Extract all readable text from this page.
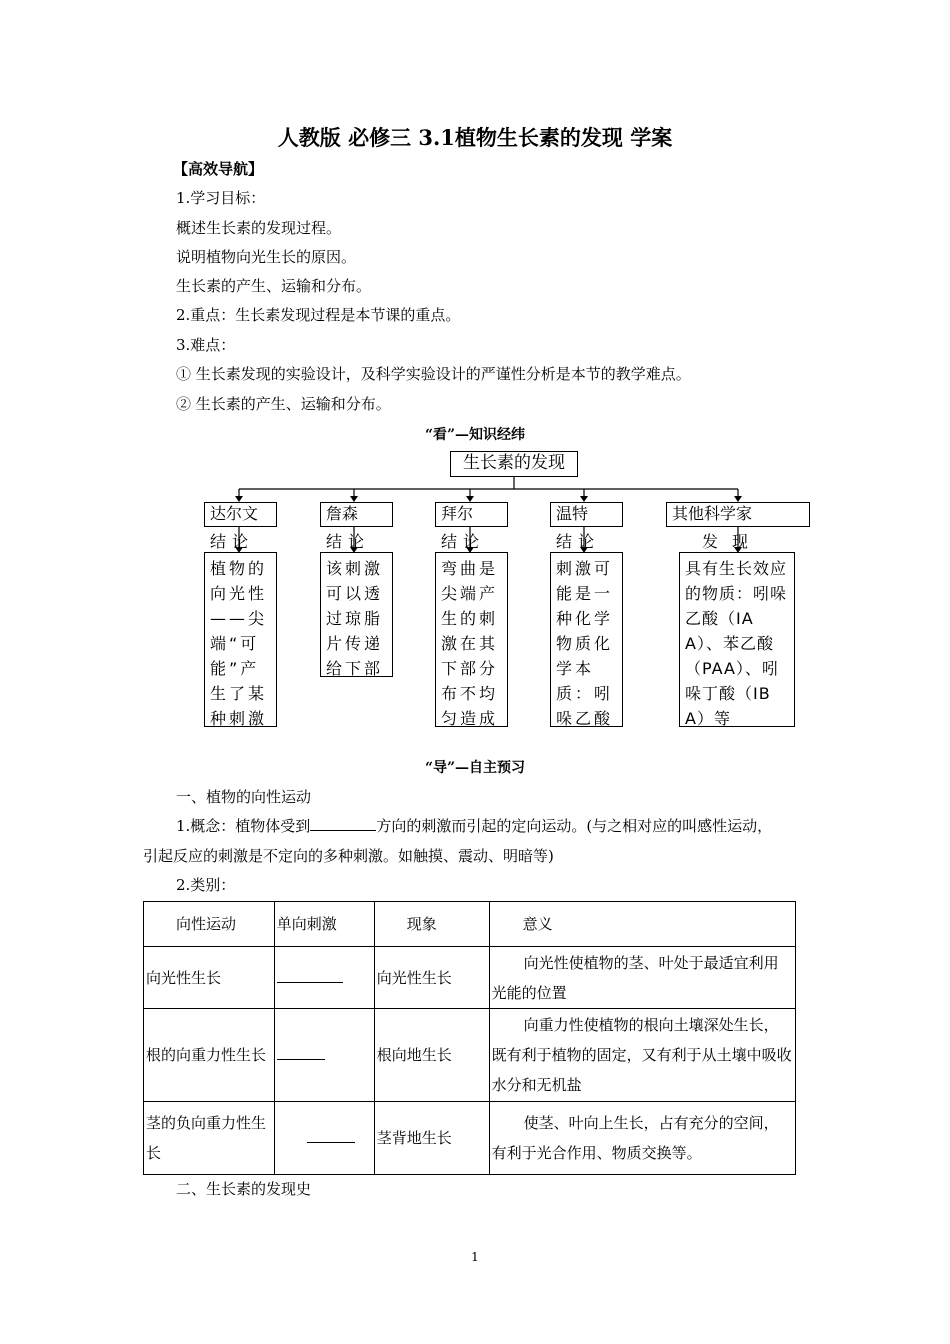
人教版 必修三 3.1植物生长素的发现 学案
【高效导航】
1.学习目标：
概述生长素的发现过程。
说明植物向光生长的原因。
生长素的产生、运输和分布。
2.重点：生长素发现过程是本节课的重点。
3.难点：
① 生长素发现的实验设计，及科学实验设计的严谨性分析是本节的教学难点。
② 生长素的产生、运输和分布。
“看”—知识经纬
生长素的发现
达尔文	詹森	拜尔	温特	其他科学家
结论	结论	结论	结论	发现
植物的向光性——尖端“可能”产生了某种刺激
该刺激可以透过琼脂片传递给下部
弯曲是尖端产生的刺激在其下部分布不均匀造成
刺激可能是一种化学物质化学本质：吲哚乙酸
具有生长效应的物质：吲哚乙酸（IAA）、苯乙酸（PAA）、吲哚丁酸（IBA）等
“导”—自主预习
一、植物的向性运动
1.概念：植物体受到	方向的刺激而引起的定向运动。(与之相对应的叫感性运动，
引起反应的刺激是不定向的多种刺激。如触摸、震动、明暗等)
2.类别：
向性运动	单向刺激	现象	意义
向光性生长		向光性生长	向光性使植物的茎、叶处于最适宜利用光能的位置
根的向重力性生长		根向地生长	向重力性使植物的根向土壤深处生长，既有利于植物的固定，又有利于从土壤中吸收水分和无机盐
茎的负向重力性生长		茎背地生长	使茎、叶向上生长，占有充分的空间，有利于光合作用、物质交换等。
二、生长素的发现史
1
